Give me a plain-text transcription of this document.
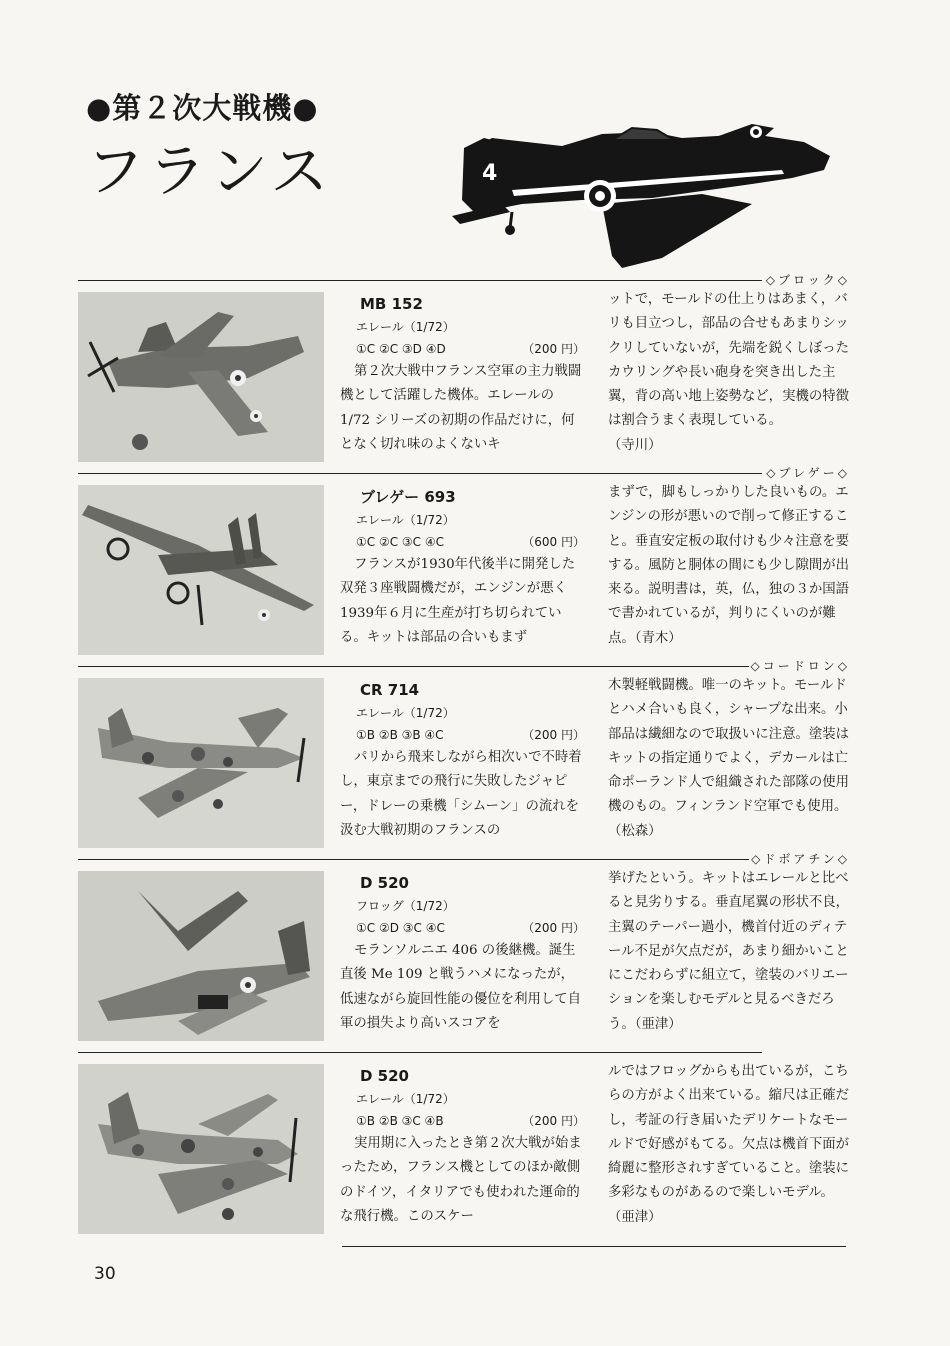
●第２次大戦機●
フランス	4
◇ブロック◇
MB 152
エレール（1/72）
①C ②C ③D ④D	（200 円）
第２次大戦中フランス空軍の主力戦闘機として活躍した機体。エレールの 1/72 シリーズの初期の作品だけに，何となく切れ味のよくないキ
ットで，モールドの仕上りはあまく，バリも目立つし，部品の合せもあまりシックリしていないが，先端を鋭くしぼったカウリングや長い砲身を突き出した主翼，背の高い地上姿勢など，実機の特徴は割合うまく表現している。　　　　　（寺川）
◇ブレゲー◇
ブレゲー 693
エレール（1/72）
①C ②C ③C ④C	（600 円）
フランスが1930年代後半に開発した双発３座戦闘機だが，エンジンが悪く1939年６月に生産が打ち切られている。キットは部品の合いもまず
まずで，脚もしっかりした良いもの。エンジンの形が悪いので削って修正すること。垂直安定板の取付けも少々注意を要する。風防と胴体の間にも少し隙間が出来る。説明書は，英，仏，独の３か国語で書かれているが，判りにくいのが難点。（青木）
◇コードロン◇
CR 714
エレール（1/72）
①B ②B ③B ④C	（200 円）
パリから飛来しながら相次いで不時着し，東京までの飛行に失敗したジャピー，ドレーの乗機「シムーン」の流れを汲む大戦初期のフランスの
木製軽戦闘機。唯一のキット。モールドとハメ合いも良く，シャープな出来。小部品は繊細なので取扱いに注意。塗装はキットの指定通りでよく，デカールは亡命ポーランド人で組織された部隊の使用機のもの。フィンランド空軍でも使用。（松森）
◇ドボアチン◇
D 520
フロッグ（1/72）
①C ②D ③C ④C	（200 円）
モランソルニエ 406 の後継機。誕生直後 Me 109 と戦うハメになったが，低速ながら旋回性能の優位を利用して自軍の損失より高いスコアを
挙げたという。キットはエレールと比べると見劣りする。垂直尾翼の形状不良，主翼のテーパー過小，機首付近のディテール不足が欠点だが，あまり細かいことにこだわらずに組立て，塗装のバリエーションを楽しむモデルと見るべきだろう。（亜津）
D 520
エレール（1/72）
①B ②B ③C ④B	（200 円）
実用期に入ったとき第２次大戦が始まったため，フランス機としてのほか敵側のドイツ，イタリアでも使われた運命的な飛行機。このスケー
ルではフロッグからも出ているが，こちらの方がよく出来ている。縮尺は正確だし，考証の行き届いたデリケートなモールドで好感がもてる。欠点は機首下面が綺麗に整形されすぎていること。塗装に多彩なものがあるので楽しいモデル。　（亜津）
30
